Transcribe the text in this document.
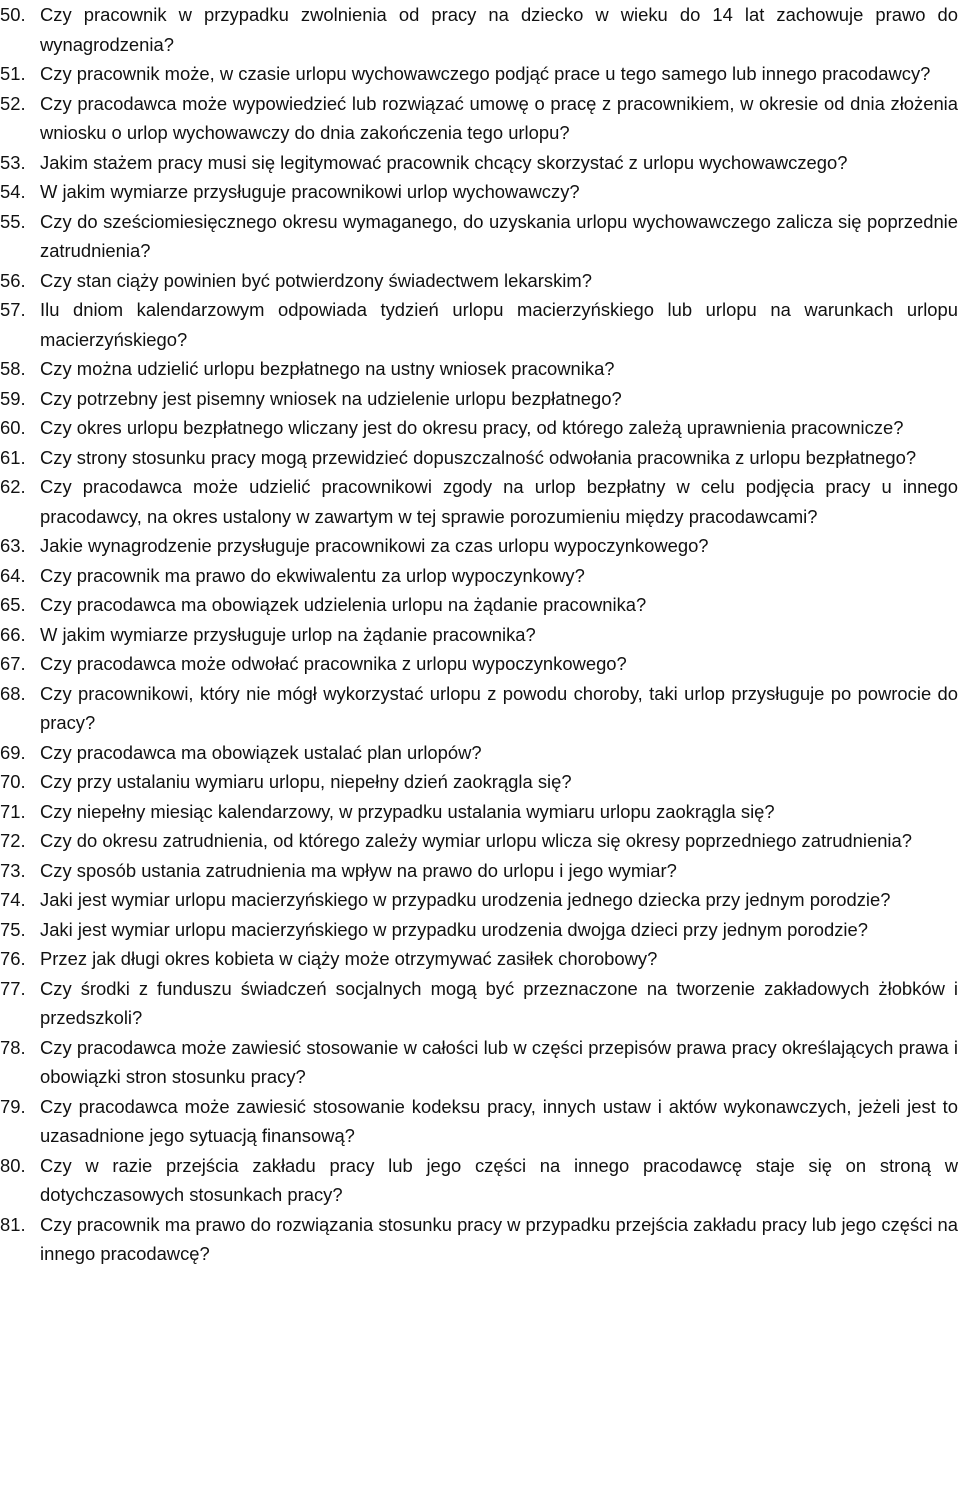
50. Czy pracownik w przypadku zwolnienia od pracy na dziecko w wieku do 14 lat zachowuje prawo do wynagrodzenia?
51. Czy pracownik może, w czasie urlopu wychowawczego podjąć prace u tego samego lub innego pracodawcy?
52. Czy pracodawca może wypowiedzieć lub rozwiązać umowę o pracę z pracownikiem, w okresie od dnia złożenia wniosku o urlop wychowawczy do dnia zakończenia tego urlopu?
53. Jakim stażem pracy musi się legitymować pracownik chcący skorzystać z urlopu wychowawczego?
54. W jakim wymiarze przysługuje pracownikowi urlop wychowawczy?
55. Czy do sześciomiesięcznego okresu wymaganego, do uzyskania urlopu wychowawczego zalicza się poprzednie zatrudnienia?
56. Czy stan ciąży powinien być potwierdzony świadectwem lekarskim?
57. Ilu dniom kalendarzowym odpowiada tydzień urlopu macierzyńskiego lub urlopu na warunkach urlopu macierzyńskiego?
58. Czy można udzielić urlopu bezpłatnego na ustny wniosek pracownika?
59. Czy potrzebny jest pisemny wniosek na udzielenie urlopu bezpłatnego?
60. Czy okres urlopu bezpłatnego wliczany jest do okresu pracy, od którego zależą uprawnienia pracownicze?
61. Czy strony stosunku pracy mogą przewidzieć dopuszczalność odwołania pracownika z urlopu bezpłatnego?
62. Czy pracodawca może udzielić pracownikowi zgody na urlop bezpłatny w celu podjęcia pracy u innego pracodawcy, na okres ustalony w zawartym w tej sprawie porozumieniu między pracodawcami?
63. Jakie wynagrodzenie przysługuje pracownikowi za czas urlopu wypoczynkowego?
64. Czy pracownik ma prawo do ekwiwalentu za urlop wypoczynkowy?
65. Czy pracodawca ma obowiązek udzielenia urlopu na żądanie pracownika?
66. W jakim wymiarze przysługuje urlop na żądanie pracownika?
67. Czy pracodawca może odwołać pracownika z urlopu wypoczynkowego?
68. Czy pracownikowi, który nie mógł wykorzystać urlopu z powodu choroby, taki urlop przysługuje po powrocie do pracy?
69. Czy pracodawca ma obowiązek ustalać plan urlopów?
70. Czy przy ustalaniu wymiaru urlopu, niepełny dzień zaokrągla się?
71. Czy niepełny miesiąc kalendarzowy, w przypadku ustalania wymiaru urlopu zaokrągla się?
72. Czy do okresu zatrudnienia, od którego zależy wymiar urlopu wlicza się okresy poprzedniego zatrudnienia?
73. Czy sposób ustania zatrudnienia ma wpływ na prawo do urlopu i jego wymiar?
74. Jaki jest wymiar urlopu macierzyńskiego w przypadku urodzenia jednego dziecka przy jednym porodzie?
75. Jaki jest wymiar urlopu macierzyńskiego w przypadku urodzenia dwojga dzieci przy jednym porodzie?
76. Przez jak długi okres kobieta w ciąży może otrzymywać zasiłek chorobowy?
77. Czy środki z funduszu świadczeń socjalnych mogą być przeznaczone na tworzenie zakładowych żłobków i przedszkoli?
78. Czy pracodawca może zawiesić stosowanie w całości lub w części przepisów prawa pracy określających prawa i obowiązki stron stosunku pracy?
79. Czy pracodawca może zawiesić stosowanie kodeksu pracy, innych ustaw i aktów wykonawczych, jeżeli jest to uzasadnione jego sytuacją finansową?
80. Czy w razie przejścia zakładu pracy lub jego części na innego pracodawcę staje się on stroną w dotychczasowych stosunkach pracy?
81. Czy pracownik ma prawo do rozwiązania stosunku pracy w przypadku przejścia zakładu pracy lub jego części na innego pracodawcę?
